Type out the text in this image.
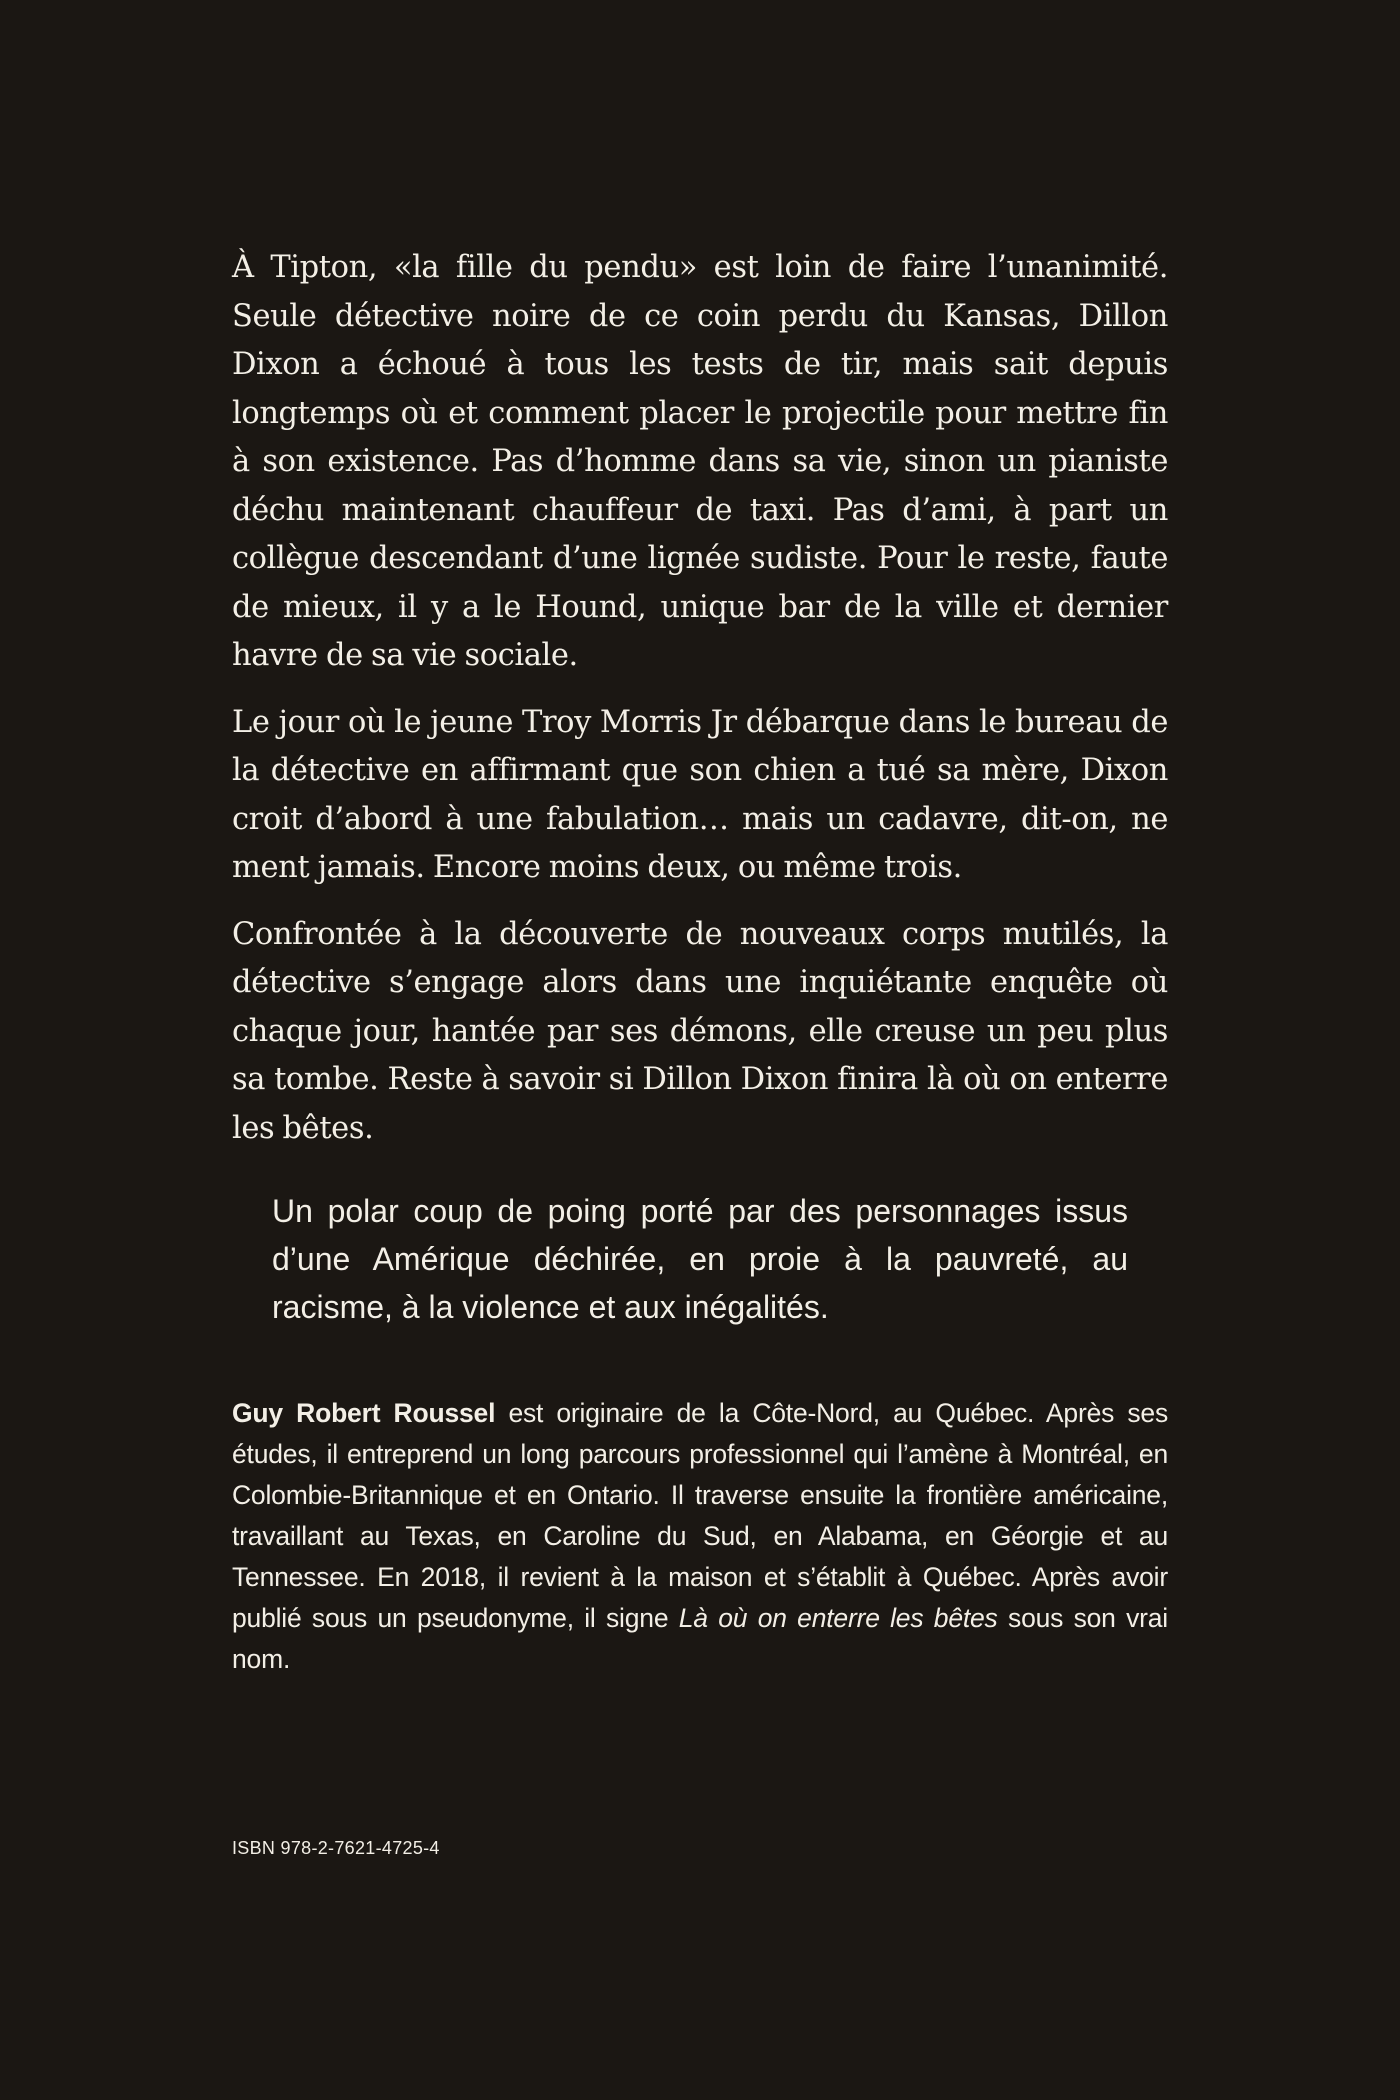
À Tipton, «la fille du pendu» est loin de faire l’unanimité. Seule détective noire de ce coin perdu du Kansas, Dillon Dixon a échoué à tous les tests de tir, mais sait depuis longtemps où et comment placer le projectile pour mettre fin à son existence. Pas d’homme dans sa vie, sinon un pianiste déchu maintenant chauffeur de taxi. Pas d’ami, à part un collègue descendant d’une lignée sudiste. Pour le reste, faute de mieux, il y a le Hound, unique bar de la ville et dernier havre de sa vie sociale.

Le jour où le jeune Troy Morris Jr débarque dans le bureau de la détective en affirmant que son chien a tué sa mère, Dixon croit d’abord à une fabulation… mais un cadavre, dit-on, ne ment jamais. Encore moins deux, ou même trois.

Confrontée à la découverte de nouveaux corps mutilés, la détective s’engage alors dans une inquiétante enquête où chaque jour, hantée par ses démons, elle creuse un peu plus sa tombe. Reste à savoir si Dillon Dixon finira là où on enterre les bêtes.

Un polar coup de poing porté par des personnages issus d’une Amérique déchirée, en proie à la pauvreté, au racisme, à la violence et aux inégalités.

Guy Robert Roussel est originaire de la Côte-Nord, au Québec. Après ses études, il entreprend un long parcours professionnel qui l’amène à Montréal, en Colombie-Britannique et en Ontario. Il traverse ensuite la frontière américaine, travaillant au Texas, en Caroline du Sud, en Alabama, en Géorgie et au Tennessee. En 2018, il revient à la maison et s’établit à Québec. Après avoir publié sous un pseudonyme, il signe Là où on enterre les bêtes sous son vrai nom.

ISBN 978-2-7621-4725-4
